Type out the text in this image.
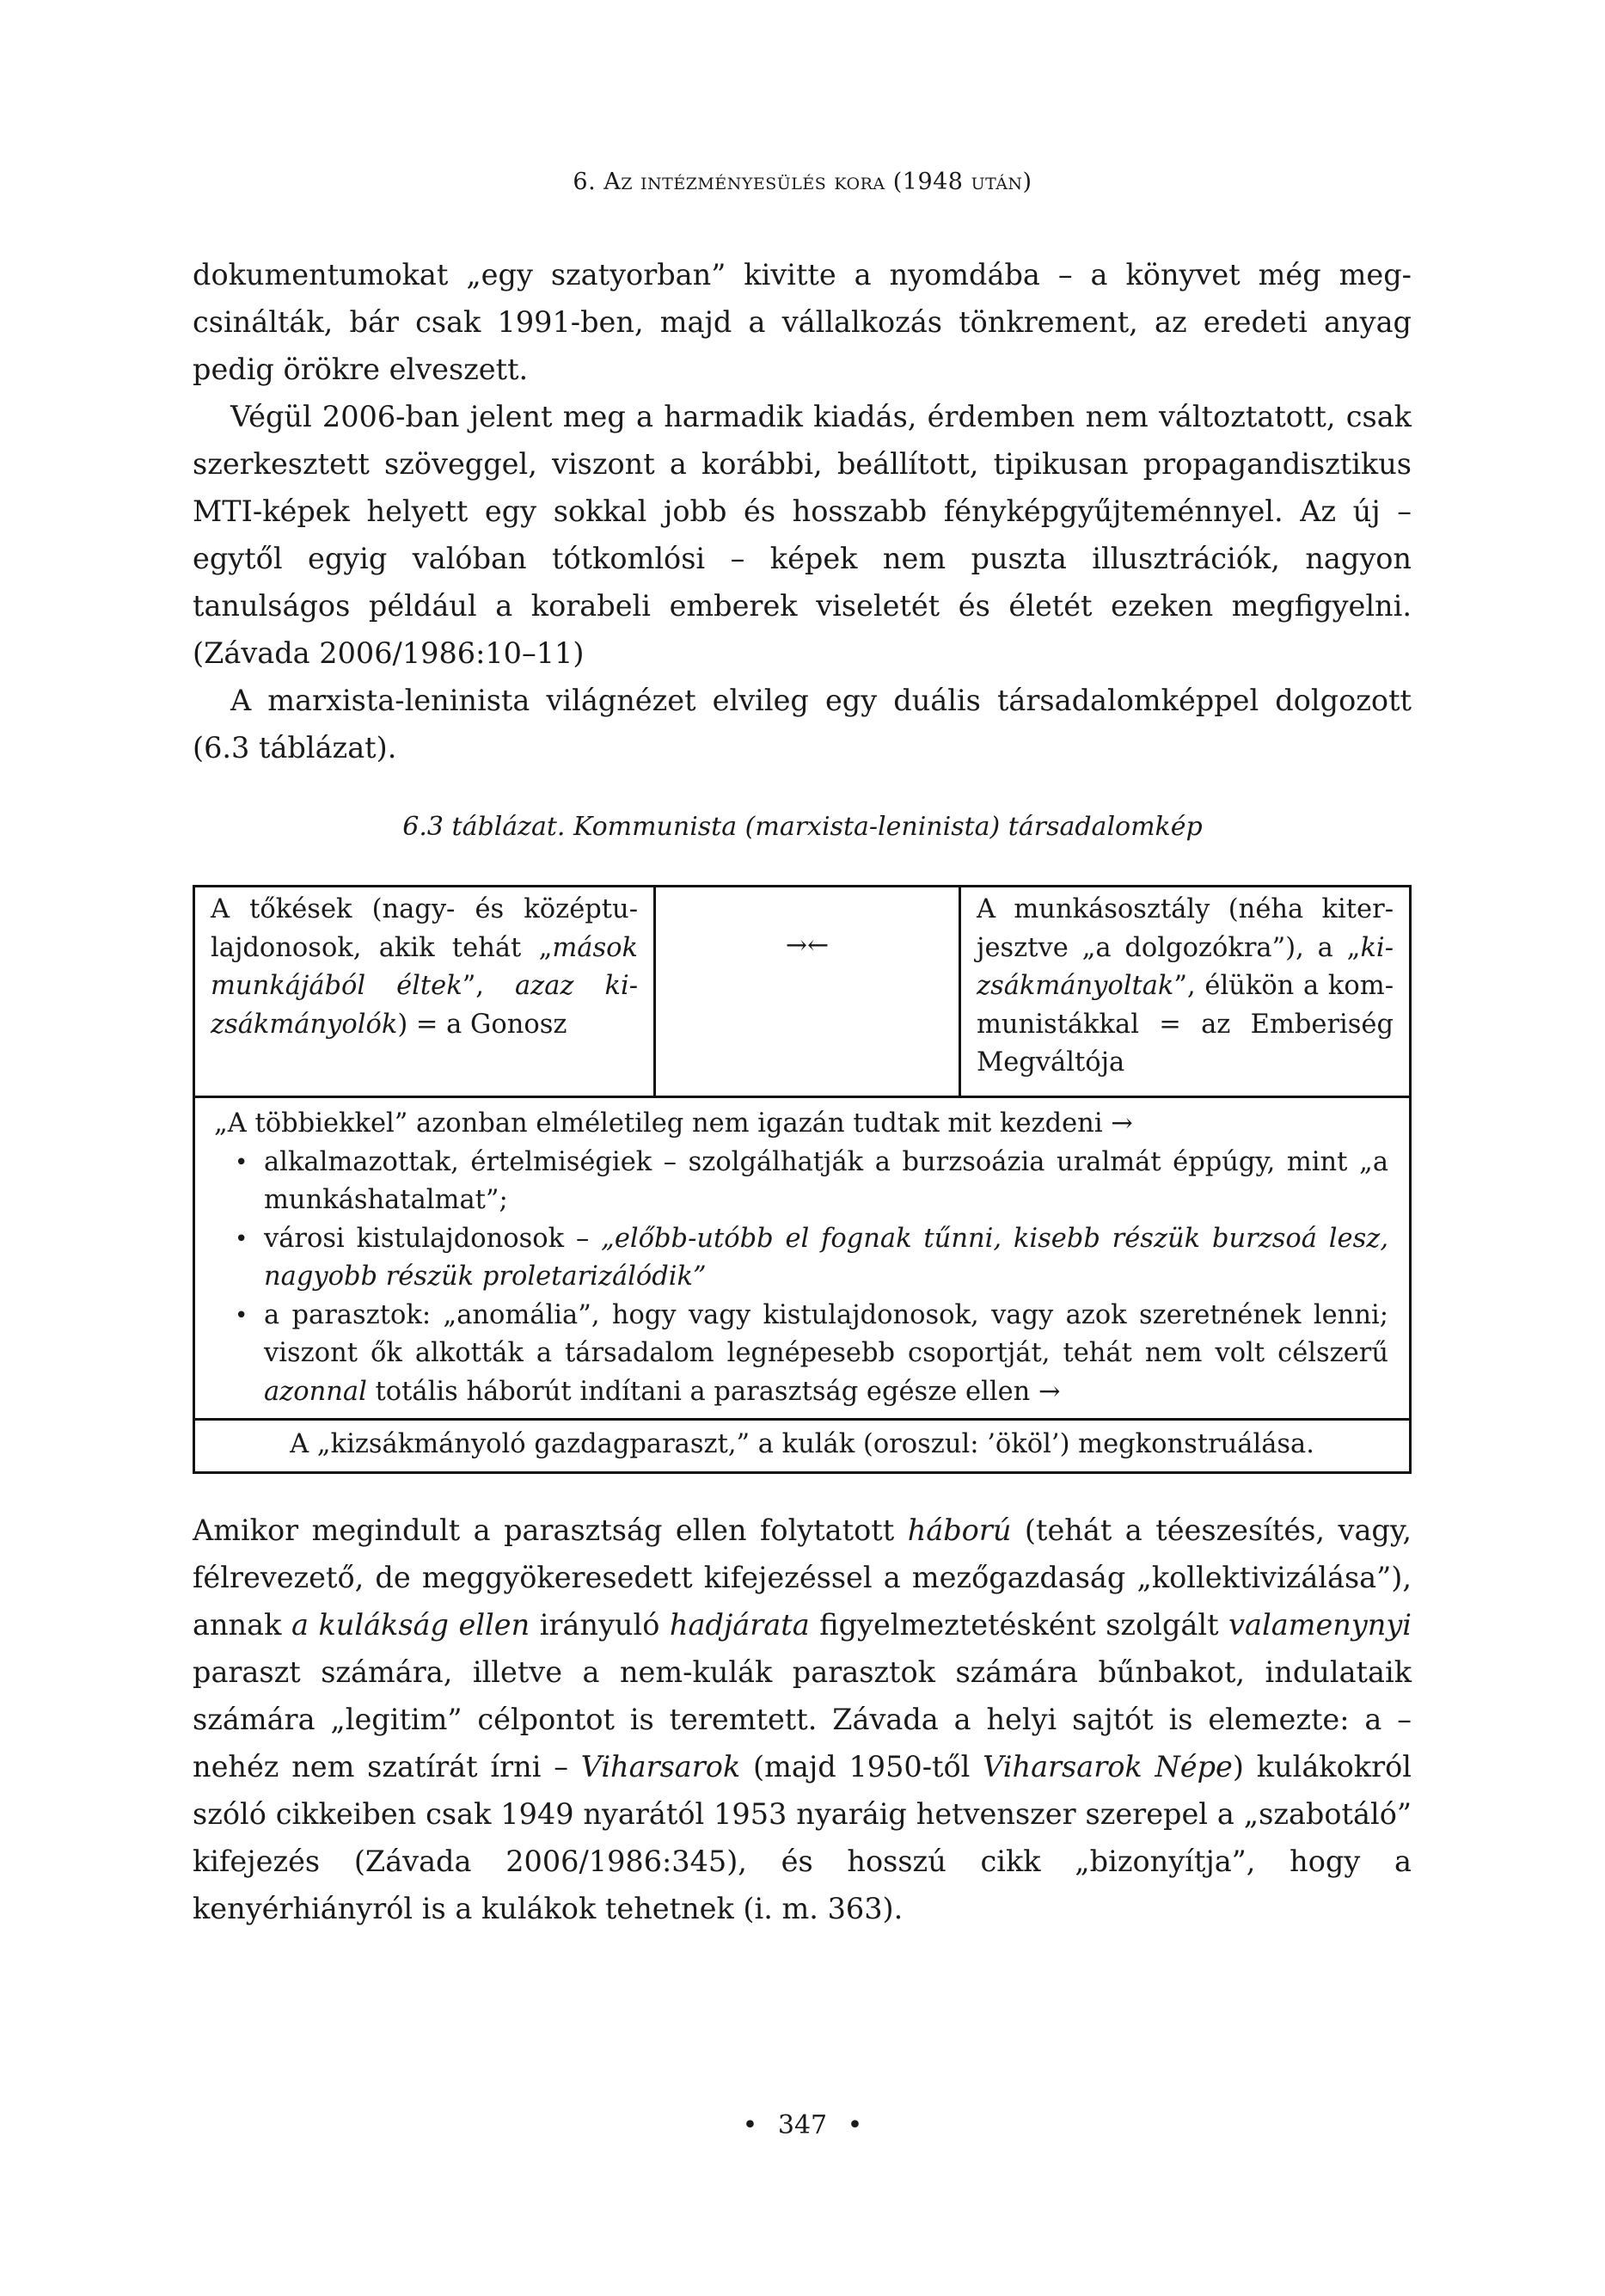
6. Az intézményesülés kora (1948 után)

dokumentumokat „egy szatyorban” kivitte a nyomdába – a könyvet még megcsinálták, bár csak 1991-ben, majd a vállalkozás tönkrement, az eredeti anyag pedig örökre elveszett.

Végül 2006-ban jelent meg a harmadik kiadás, érdemben nem változtatott, csak szerkesztett szöveggel, viszont a korábbi, beállított, tipikusan propagandisztikus MTI-képek helyett egy sokkal jobb és hosszabb fényképgyűjteménnyel. Az új – egytől egyig valóban tótkomlósi – képek nem puszta illusztrációk, nagyon tanulságos például a korabeli emberek viseletét és életét ezeken megfigyelni. (Závada 2006/1986:10–11)

A marxista-leninista világnézet elvileg egy duális társadalomképpel dolgozott (6.3 táblázat).

6.3 táblázat. Kommunista (marxista-leninista) társadalomkép
A tőkések (nagy- és középtulajdonosok, akik tehát „mások munkájából éltek”, azaz kizsákmányolók) = a Gonosz	→←	A munkásosztály (néha kiterjesztve „a dolgozókra”), a „kizsákmányoltak”, élükön a kommunistákkal = az Emberiség Megváltója

„A többiekkel” azonban elméletileg nem igazán tudtak mit kezdeni →
• alkalmazottak, értelmiségiek – szolgálhatják a burzsoázia uralmát éppúgy, mint „a munkáshatalmat”;
• városi kistulajdonosok – „előbb-utóbb el fognak tűnni, kisebb részük burzsoá lesz, nagyobb részük proletarizálódik”
• a parasztok: „anomália”, hogy vagy kistulajdonosok, vagy azok szeretnének lenni; viszont ők alkották a társadalom legnépesebb csoportját, tehát nem volt célszerű azonnal totális háborút indítani a parasztság egésze ellen →

A „kizsákmányoló gazdagparaszt,” a kulák (oroszul: ’ököl’) megkonstruálása.

Amikor megindult a parasztság ellen folytatott háború (tehát a téeszesítés, vagy, félrevezető, de meggyökeresedett kifejezéssel a mezőgazdaság „kollektivizálása”), annak a kulákság ellen irányuló hadjárata figyelmeztetésként szolgált valamenynyi paraszt számára, illetve a nem-kulák parasztok számára bűnbakot, indulataik számára „legitim” célpontot is teremtett. Závada a helyi sajtót is elemezte: a – nehéz nem szatírát írni – Viharsarok (majd 1950-től Viharsarok Népe) kulákokról szóló cikkeiben csak 1949 nyarától 1953 nyaráig hetvenszer szerepel a „szabotáló” kifejezés (Závada 2006/1986:345), és hosszú cikk „bizonyítja”, hogy a kenyérhiányról is a kulákok tehetnek (i. m. 363).

• 347 •
